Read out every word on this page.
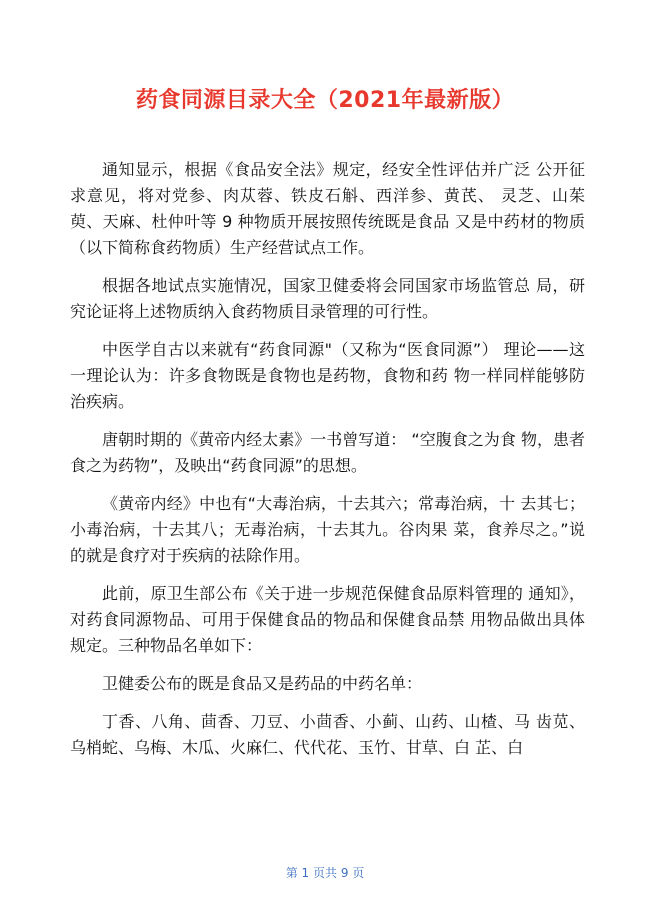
药食同源目录大全（2021年最新版）

通知显示，根据《食品安全法》规定，经安全性评估并广泛 公开征求意见，将对党参、肉苁蓉、铁皮石斛、西洋参、黄芪、 灵芝、山茱萸、天麻、杜仲叶等 9 种物质开展按照传统既是食品 又是中药材的物质（以下简称食药物质）生产经营试点工作。

根据各地试点实施情况，国家卫健委将会同国家市场监管总 局，研究论证将上述物质纳入食药物质目录管理的可行性。

中医学自古以来就有“药食同源"（又称为“医食同源”） 理论——这一理论认为：许多食物既是食物也是药物，食物和药 物一样同样能够防治疾病。

唐朝时期的《黄帝内经太素》一书曾写道： “空腹食之为食 物，患者食之为药物”，及映出“药食同源”的思想。

《黄帝内经》中也有“大毒治病，十去其六；常毒治病，十 去其七；小毒治病，十去其八；无毒治病，十去其九。谷肉果 菜，食养尽之。”说的就是食疗对于疾病的祛除作用。

此前，原卫生部公布《关于进一步规范保健食品原料管理的 通知》，对药食同源物品、可用于保健食品的物品和保健食品禁 用物品做出具体规定。三种物品名单如下：

卫健委公布的既是食品又是药品的中药名单：

丁香、八角、茴香、刀豆、小茴香、小蓟、山药、山楂、马 齿苋、乌梢蛇、乌梅、木瓜、火麻仁、代代花、玉竹、甘草、白 芷、白

第 1 页共 9 页
